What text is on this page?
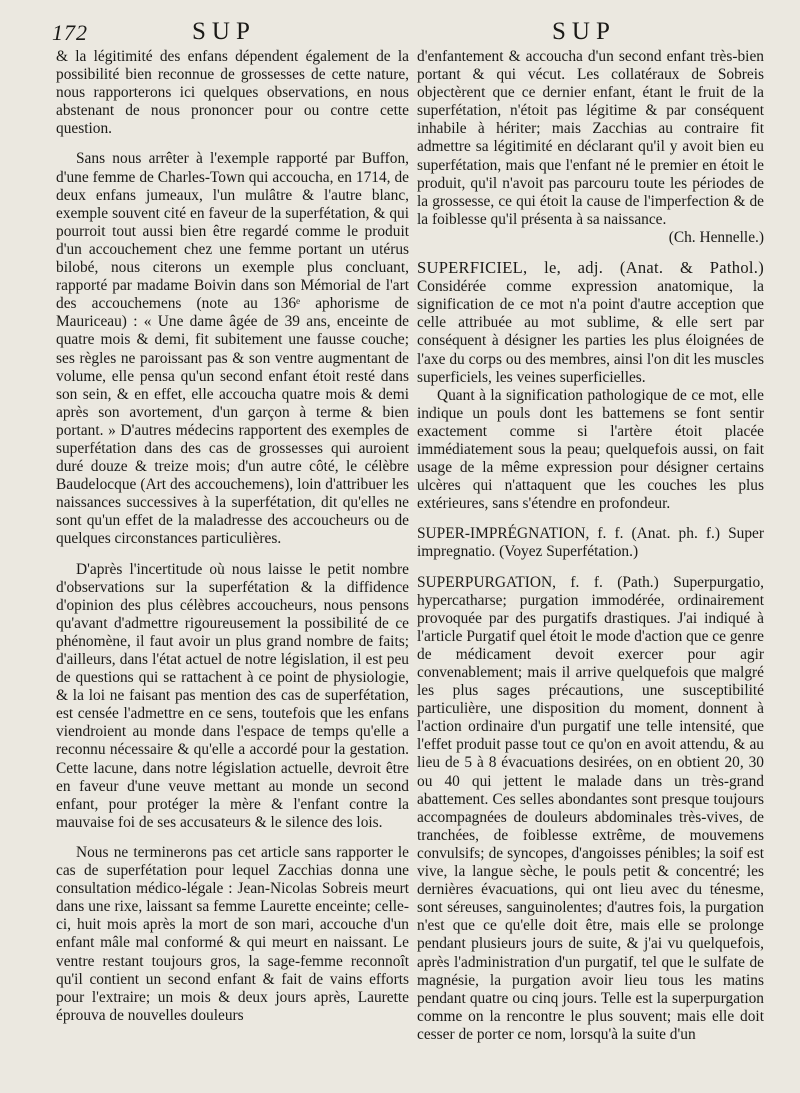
172	SUP	SUP

& la légitimité des enfans dépendent également de la possibilité bien reconnue de grossesses de cette nature, nous rapporterons ici quelques observations, en nous abstenant de nous prononcer pour ou contre cette question.

Sans nous arrêter à l'exemple rapporté par Buffon, d'une femme de Charles-Town qui accoucha, en 1714, de deux enfans jumeaux, l'un mulâtre & l'autre blanc, exemple souvent cité en faveur de la superfétation, & qui pourroit tout aussi bien être regardé comme le produit d'un accouchement chez une femme portant un utérus bilobé, nous citerons un exemple plus concluant, rapporté par madame Boivin dans son Mémorial de l'art des accouchemens (note au 136ᵉ aphorisme de Mauriceau) : « Une dame âgée de 39 ans, enceinte de quatre mois & demi, fit subitement une fausse couche; ses règles ne paroissant pas & son ventre augmentant de volume, elle pensa qu'un second enfant étoit resté dans son sein, & en effet, elle accoucha quatre mois & demi après son avortement, d'un garçon à terme & bien portant. » D'autres médecins rapportent des exemples de superfétation dans des cas de grossesses qui auroient duré douze & treize mois; d'un autre côté, le célèbre Baudelocque (Art des accouchemens), loin d'attribuer les naissances successives à la superfétation, dit qu'elles ne sont qu'un effet de la maladresse des accoucheurs ou de quelques circonstances particulières.

D'après l'incertitude où nous laisse le petit nombre d'observations sur la superfétation & la diffidence d'opinion des plus célèbres accoucheurs, nous pensons qu'avant d'admettre rigoureusement la possibilité de ce phénomène, il faut avoir un plus grand nombre de faits; d'ailleurs, dans l'état actuel de notre législation, il est peu de questions qui se rattachent à ce point de physiologie, & la loi ne faisant pas mention des cas de superfétation, est censée l'admettre en ce sens, toutefois que les enfans viendroient au monde dans l'espace de temps qu'elle a reconnu nécessaire & qu'elle a accordé pour la gestation. Cette lacune, dans notre législation actuelle, devroit être en faveur d'une veuve mettant au monde un second enfant, pour protéger la mère & l'enfant contre la mauvaise foi de ses accusateurs & le silence des lois.

Nous ne terminerons pas cet article sans rapporter le cas de superfétation pour lequel Zacchias donna une consultation médico-légale : Jean-Nicolas Sobreis meurt dans une rixe, laissant sa femme Laurette enceinte; celle-ci, huit mois après la mort de son mari, accouche d'un enfant mâle mal conformé & qui meurt en naissant. Le ventre restant toujours gros, la sage-femme reconnoît qu'il contient un second enfant & fait de vains efforts pour l'extraire; un mois & deux jours après, Laurette éprouva de nouvelles douleurs

d'enfantement & accoucha d'un second enfant très-bien portant & qui vécut. Les collatéraux de Sobreis objectèrent que ce dernier enfant, étant le fruit de la superfétation, n'étoit pas légitime & par conséquent inhabile à hériter; mais Zacchias au contraire fit admettre sa légitimité en déclarant qu'il y avoit bien eu superfétation, mais que l'enfant né le premier en étoit le produit, qu'il n'avoit pas parcouru toute les périodes de la grossesse, ce qui étoit la cause de l'imperfection & de la foiblesse qu'il présenta à sa naissance.

(Ch. Hennelle.)

SUPERFICIEL, le, adj. (Anat. & Pathol.) Considérée comme expression anatomique, la signification de ce mot n'a point d'autre acception que celle attribuée au mot sublime, & elle sert par conséquent à désigner les parties les plus éloignées de l'axe du corps ou des membres, ainsi l'on dit les muscles superficiels, les veines superficielles.

Quant à la signification pathologique de ce mot, elle indique un pouls dont les battemens se font sentir exactement comme si l'artère étoit placée immédiatement sous la peau; quelquefois aussi, on fait usage de la même expression pour désigner certains ulcères qui n'attaquent que les couches les plus extérieures, sans s'étendre en profondeur.

SUPER-IMPRÉGNATION, f. f. (Anat. ph. f.) Super impregnatio. (Voyez Superfétation.)

SUPERPURGATION, f. f. (Path.) Superpurgatio, hypercatharse; purgation immodérée, ordinairement provoquée par des purgatifs drastiques. J'ai indiqué à l'article Purgatif quel étoit le mode d'action que ce genre de médicament devoit exercer pour agir convenablement; mais il arrive quelquefois que malgré les plus sages précautions, une susceptibilité particulière, une disposition du moment, donnent à l'action ordinaire d'un purgatif une telle intensité, que l'effet produit passe tout ce qu'on en avoit attendu, & au lieu de 5 à 8 évacuations desirées, on en obtient 20, 30 ou 40 qui jettent le malade dans un très-grand abattement. Ces selles abondantes sont presque toujours accompagnées de douleurs abdominales très-vives, de tranchées, de foiblesse extrême, de mouvemens convulsifs; de syncopes, d'angoisses pénibles; la soif est vive, la langue sèche, le pouls petit & concentré; les dernières évacuations, qui ont lieu avec du ténesme, sont séreuses, sanguinolentes; d'autres fois, la purgation n'est que ce qu'elle doit être, mais elle se prolonge pendant plusieurs jours de suite, & j'ai vu quelquefois, après l'administration d'un purgatif, tel que le sulfate de magnésie, la purgation avoir lieu tous les matins pendant quatre ou cinq jours. Telle est la superpurgation comme on la rencontre le plus souvent; mais elle doit cesser de porter ce nom, lorsqu'à la suite d'un
